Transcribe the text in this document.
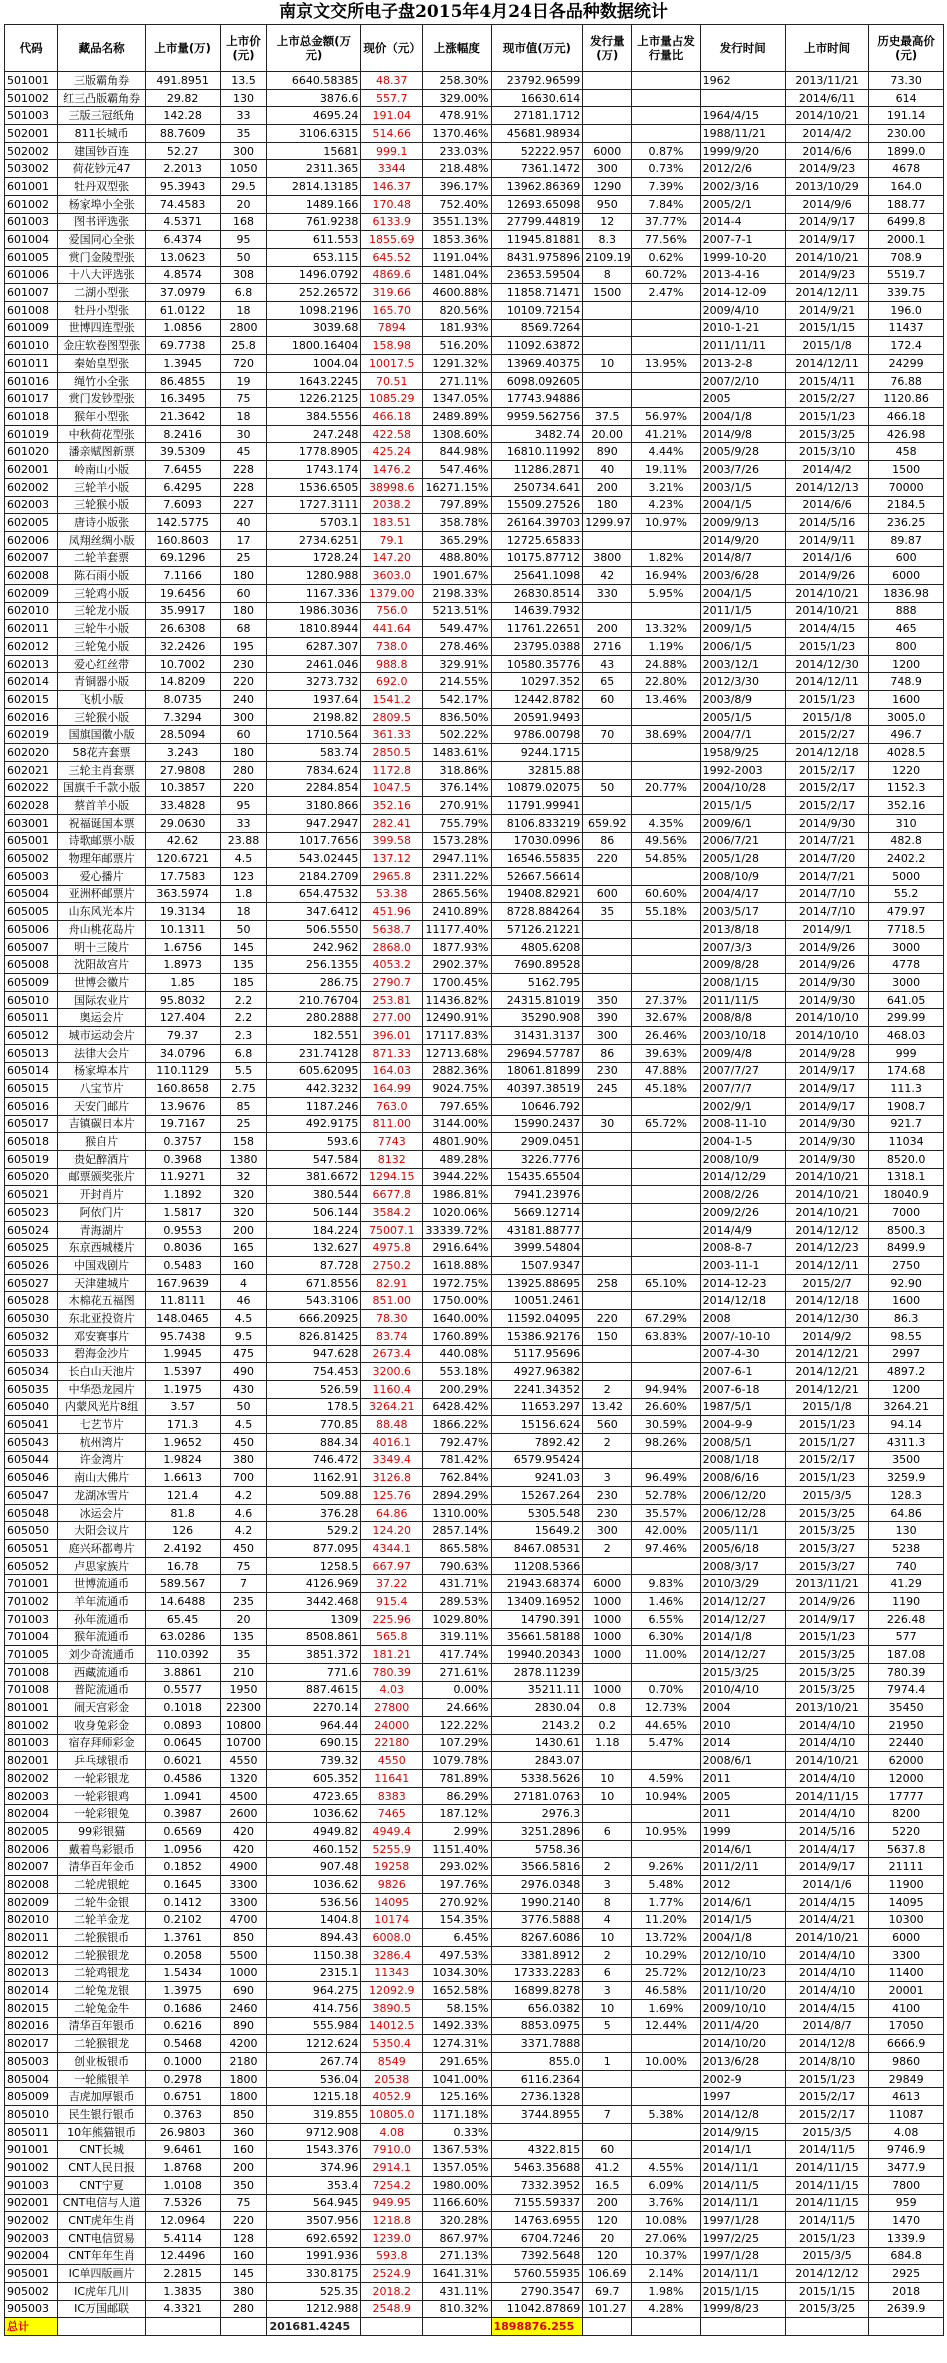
南京文交所电子盘2015年4月24日各品种数据统计
代码	藏品名称	上市量(万)	上市价(元)	上市总金额(万元)	现价（元）	上涨幅度	现市值(万元)	发行量(万)	上市量占发行量比	发行时间	上市时间	历史最高价(元)
501001	三版霸角券	491.8951	13.5	6640.58385	48.37	258.30%	23792.96599			1962	2013/11/21	73.30
501002	红三凸版霸角券	29.82	130	3876.6	557.7	329.00%	16630.614				2014/6/11	614
501003	三版三冠纸角	142.28	33	4695.24	191.04	478.91%	27181.1712			1964/4/15	2014/10/21	191.14
502001	811长城币	88.7609	35	3106.6315	514.66	1370.46%	45681.98934			1988/11/21	2014/4/2	230.00
502002	建国钞百连	52.27	300	15681	999.1	233.03%	52222.957	6000	0.87%	1999/9/20	2014/6/6	1899.0
503002	荷花钞元47	2.2013	1050	2311.365	3344	218.48%	7361.1472	300	0.73%	2012/2/6	2014/9/23	4678
601001	牡丹双型张	95.3943	29.5	2814.13185	146.37	396.17%	13962.86369	1290	7.39%	2002/3/16	2013/10/29	164.0
601002	杨家埠小全张	74.4583	20	1489.166	170.48	752.40%	12693.65098	950	7.84%	2005/2/1	2014/9/6	188.77
601003	图书评选张	4.5371	168	761.9238	6133.9	3551.13%	27799.44819	12	37.77%	2014-4	2014/9/17	6499.8
601004	爱国同心全张	6.4374	95	611.553	1855.69	1853.36%	11945.81881	8.3	77.56%	2007-7-1	2014/9/17	2000.1
601005	赏门金陵型张	13.0623	50	653.115	645.52	1191.04%	8431.975896	2109.19	0.62%	1999-10-20	2014/10/21	708.9
601006	十八大评选张	4.8574	308	1496.0792	4869.6	1481.04%	23653.59504	8	60.72%	2013-4-16	2014/9/23	5519.7
601007	二湖小型张	37.0979	6.8	252.26572	319.66	4600.88%	11858.71471	1500	2.47%	2014-12-09	2014/12/11	339.75
601008	牡丹小型张	61.0122	18	1098.2196	165.70	820.56%	10109.72154			2009/4/10	2014/9/21	196.0
601009	世博四连型张	1.0856	2800	3039.68	7894	181.93%	8569.7264			2010-1-21	2015/1/15	11437
601010	金庄软卷图型张	69.7738	25.8	1800.16404	158.98	516.20%	11092.63872			2011/11/11	2015/1/8	172.4
601011	秦始皇型张	1.3945	720	1004.04	10017.5	1291.32%	13969.40375	10	13.95%	2013-2-8	2014/12/11	24299
601016	绳竹小全张	86.4855	19	1643.2245	70.51	271.11%	6098.092605			2007/2/10	2015/4/11	76.88
601017	赏门发钞型张	16.3495	75	1226.2125	1085.29	1347.05%	17743.94886			2005	2015/2/27	1120.86
601018	猴年小型张	21.3642	18	384.5556	466.18	2489.89%	9959.562756	37.5	56.97%	2004/1/8	2015/1/23	466.18
601019	中秋荷花型张	8.2416	30	247.248	422.58	1308.60%	3482.74	20.00	41.21%	2014/9/8	2015/3/25	426.98
601020	潘亲赋图新票	39.5309	45	1778.8905	425.24	844.98%	16810.11992	890	4.44%	2005/9/28	2015/3/10	458
602001	岭南山小版	7.6455	228	1743.174	1476.2	547.46%	11286.2871	40	19.11%	2003/7/26	2014/4/2	1500
602002	三轮羊小版	6.4295	228	1536.6505	38998.6	16271.15%	250734.641	200	3.21%	2003/1/5	2014/12/13	70000
602003	三轮猴小版	7.6093	227	1727.3111	2038.2	797.89%	15509.27526	180	4.23%	2004/1/5	2014/6/6	2184.5
602005	唐诗小版张	142.5775	40	5703.1	183.51	358.78%	26164.39703	1299.97	10.97%	2009/9/13	2014/5/16	236.25
602006	凤翔丝绸小版	160.8603	17	2734.6251	79.1	365.29%	12725.65833			2014/9/20	2014/9/11	89.87
602007	二轮羊套票	69.1296	25	1728.24	147.20	488.80%	10175.87712	3800	1.82%	2014/8/7	2014/1/6	600
602008	陈石雨小版	7.1166	180	1280.988	3603.0	1901.67%	25641.1098	42	16.94%	2003/6/28	2014/9/26	6000
602009	三轮鸡小版	19.6456	60	1167.336	1379.00	2198.33%	26830.8514	330	5.95%	2004/1/5	2014/10/21	1836.98
602010	三轮龙小版	35.9917	180	1986.3036	756.0	5213.51%	14639.7932			2011/1/5	2014/10/21	888
602011	三轮牛小版	26.6308	68	1810.8944	441.64	549.47%	11761.22651	200	13.32%	2009/1/5	2014/4/15	465
602012	三轮兔小版	32.2426	195	6287.307	738.0	278.46%	23795.0388	2716	1.19%	2006/1/5	2015/1/23	800
602013	爱心红丝带	10.7002	230	2461.046	988.8	329.91%	10580.35776	43	24.88%	2003/12/1	2014/12/30	1200
602014	青铜器小版	14.8209	220	3273.732	692.0	214.55%	10297.352	65	22.80%	2012/3/30	2014/12/11	748.9
602015	飞机小版	8.0735	240	1937.64	1541.2	542.17%	12442.8782	60	13.46%	2003/8/9	2015/1/23	1600
602016	三轮猴小版	7.3294	300	2198.82	2809.5	836.50%	20591.9493			2005/1/5	2015/1/8	3005.0
602019	国旗国徽小版	28.5094	60	1710.564	361.33	502.22%	9786.00798	70	38.69%	2004/7/1	2015/2/27	496.7
602020	58花卉套票	3.243	180	583.74	2850.5	1483.61%	9244.1715			1958/9/25	2014/12/18	4028.5
602021	三轮主肖套票	27.9808	280	7834.624	1172.8	318.86%	32815.88			1992-2003	2015/2/17	1220
602022	国旗千千款小版	10.3857	220	2284.854	1047.5	376.14%	10879.02075	50	20.77%	2004/10/28	2015/2/17	1152.3
602028	蔡首羊小版	33.4828	95	3180.866	352.16	270.91%	11791.99941			2015/1/5	2015/2/17	352.16
603001	祝福诞国本票	29.0630	33	947.2947	282.41	755.79%	8106.833219	659.92	4.35%	2009/6/1	2014/9/30	310
605001	诗歌邮票小版	42.62	23.88	1017.7656	399.58	1573.28%	17030.0996	86	49.56%	2006/7/21	2014/7/21	482.8
605002	物理年邮票片	120.6721	4.5	543.02445	137.12	2947.11%	16546.55835	220	54.85%	2005/1/28	2014/7/20	2402.2
605003	爱心播片	17.7583	123	2184.2709	2965.8	2311.22%	52667.56614			2008/10/9	2014/7/21	5000
605004	亚洲杯邮票片	363.5974	1.8	654.47532	53.38	2865.56%	19408.82921	600	60.60%	2004/4/17	2014/7/10	55.2
605005	山东风光本片	19.3134	18	347.6412	451.96	2410.89%	8728.884264	35	55.18%	2003/5/17	2014/7/10	479.97
605006	舟山桃花岛片	10.1311	50	506.5550	5638.7	11177.40%	57126.21221			2013/8/18	2014/9/1	7718.5
605007	明十三陵片	1.6756	145	242.962	2868.0	1877.93%	4805.6208			2007/3/3	2014/9/26	3000
605008	沈阳故宫片	1.8973	135	256.1355	4053.2	2902.37%	7690.89528			2009/8/28	2014/9/26	4778
605009	世博会徽片	1.85	185	286.75	2790.7	1700.45%	5162.795			2008/1/15	2014/9/30	3000
605010	国际农业片	95.8032	2.2	210.76704	253.81	11436.82%	24315.81019	350	27.37%	2011/11/5	2014/9/30	641.05
605011	奥运会片	127.404	2.2	280.2888	277.00	12490.91%	35290.908	390	32.67%	2008/8/8	2014/10/10	299.99
605012	城市运动会片	79.37	2.3	182.551	396.01	17117.83%	31431.3137	300	26.46%	2003/10/18	2014/10/10	468.03
605013	法律大会片	34.0796	6.8	231.74128	871.33	12713.68%	29694.57787	86	39.63%	2009/4/8	2014/9/28	999
605014	杨家埠本片	110.1129	5.5	605.62095	164.03	2882.36%	18061.81899	230	47.88%	2007/7/27	2014/9/17	174.68
605015	八宝节片	160.8658	2.75	442.3232	164.99	9024.75%	40397.38519	245	45.18%	2007/7/7	2014/9/17	111.3
605016	天安门邮片	13.9676	85	1187.246	763.0	797.65%	10646.792			2002/9/1	2014/9/17	1908.7
605017	吉镇碳日本片	19.7167	25	492.9175	811.00	3144.00%	15990.2437	30	65.72%	2008-11-10	2014/9/30	921.7
605018	猴自片	0.3757	158	593.6	7743	4801.90%	2909.0451			2004-1-5	2014/9/30	11034
605019	贵妃醉酒片	0.3968	1380	547.584	8132	489.28%	3226.7776			2008/10/9	2014/9/30	8520.0
605020	邮票颁奖张片	11.9271	32	381.6672	1294.15	3944.22%	15435.65504			2014/12/29	2014/10/21	1318.1
605021	开封肖片	1.1892	320	380.544	6677.8	1986.81%	7941.23976			2008/2/26	2014/10/21	18040.9
605023	阿依门片	1.5817	320	506.144	3584.2	1020.06%	5669.12714			2009/2/26	2014/10/21	7000
605024	青海湖片	0.9553	200	184.224	75007.1	33339.72%	43181.88777			2014/4/9	2014/12/12	8500.3
605025	东京西城楼片	0.8036	165	132.627	4975.8	2916.64%	3999.54804			2008-8-7	2014/12/23	8499.9
605026	中国戏剧片	0.5483	160	87.728	2750.2	1618.88%	1507.9347			2003-11-1	2014/12/11	2750
605027	天津建城片	167.9639	4	671.8556	82.91	1972.75%	13925.88695	258	65.10%	2014-12-23	2015/2/7	92.90
605028	木棉花五福图	11.8111	46	543.3106	851.00	1750.00%	10051.2461			2014/12/18	2014/12/18	1600
605030	东北亚投资片	148.0465	4.5	666.20925	78.30	1640.00%	11592.04095	220	67.29%	2008	2014/12/30	86.3
605032	邓安赛事片	95.7438	9.5	826.81425	83.74	1760.89%	15386.92176	150	63.83%	2007/-10-10	2014/9/2	98.55
605033	碧海金沙片	1.9945	475	947.628	2673.4	440.08%	5117.95696			2007-4-30	2014/12/21	2997
605034	长白山天池片	1.5397	490	754.453	3200.6	553.18%	4927.96382			2007-6-1	2014/12/21	4897.2
605035	中华恐龙园片	1.1975	430	526.59	1160.4	200.29%	2241.34352	2	94.94%	2007-6-18	2014/12/21	1200
605040	内蒙风光片8组	3.57	50	178.5	3264.21	6428.42%	11653.297	13.42	26.60%	1987/5/1	2015/1/8	3264.21
605041	七艺节片	171.3	4.5	770.85	88.48	1866.22%	15156.624	560	30.59%	2004-9-9	2015/1/23	94.14
605043	杭州湾片	1.9652	450	884.34	4016.1	792.47%	7892.42	2	98.26%	2008/5/1	2015/1/27	4311.3
605044	许金湾片	1.9824	380	746.472	3349.4	781.42%	6579.95424			2008/1/18	2015/2/17	3500
605046	南山大佛片	1.6613	700	1162.91	3126.8	762.84%	9241.03	3	96.49%	2008/6/16	2015/1/23	3259.9
605047	龙湖冰雪片	121.4	4.2	509.88	125.76	2894.29%	15267.264	230	52.78%	2006/12/20	2015/3/5	128.3
605048	冰运会片	81.8	4.6	376.28	64.86	1310.00%	5305.548	230	35.57%	2006/12/28	2015/3/25	64.86
605050	大阳会议片	126	4.2	529.2	124.20	2857.14%	15649.2	300	42.00%	2005/11/1	2015/3/25	130
605051	庭兴环都粤片	2.4192	450	877.095	4344.1	865.58%	8467.08531	2	97.46%	2005/6/18	2015/3/27	5238
605052	卢思家族片	16.78	75	1258.5	667.97	790.63%	11208.5366			2008/3/17	2015/3/27	740
701001	世博流通币	589.567	7	4126.969	37.22	431.71%	21943.68374	6000	9.83%	2010/3/29	2013/11/21	41.29
701002	羊年流通币	14.6488	235	3442.468	915.4	289.53%	13409.16952	1000	1.46%	2014/12/27	2014/9/26	1190
701003	孙年流通币	65.45	20	1309	225.96	1029.80%	14790.391	1000	6.55%	2014/12/27	2014/9/17	226.48
701004	猴年流通币	63.0286	135	8508.861	565.8	319.11%	35661.58188	1000	6.30%	2014/1/8	2015/1/23	577
701005	刘少奇流通币	110.0392	35	3851.372	181.21	417.74%	19940.20343	1000	11.00%	2014/12/27	2015/3/25	187.08
701008	西藏流通币	3.8861	210	771.6	780.39	271.61%	2878.11239			2015/3/25	2015/3/25	780.39
701008	普陀流通币	0.5577	1950	887.4615	4.03	0.00%	35211.11	1000	0.70%	2010/4/10	2015/3/25	7974.4
801001	闹天宫彩金	0.1018	22300	2270.14	27800	24.66%	2830.04	0.8	12.73%	2004	2013/10/21	35450
801002	收身兔彩金	0.0893	10800	964.44	24000	122.22%	2143.2	0.2	44.65%	2010	2014/4/10	21950
801003	宿存拜师彩金	0.0645	10700	690.15	22180	107.29%	1430.61	1.18	5.47%	2014	2014/4/10	22440
802001	乒乓球银币	0.6021	4550	739.32	4550	1079.78%	2843.07			2008/6/1	2014/10/21	62000
802002	一轮彩银龙	0.4586	1320	605.352	11641	781.89%	5338.5626	10	4.59%	2011	2014/4/10	12000
802003	一轮彩银鸡	1.0941	4500	4723.65	8383	86.29%	27181.0763	10	10.94%	2005	2014/11/15	17777
802004	一轮彩银兔	0.3987	2600	1036.62	7465	187.12%	2976.3			2011	2014/4/10	8200
802005	99彩银猫	0.6569	420	4949.82	4949.4	2.99%	3251.2896	6	10.95%	1999	2014/5/16	5220
802006	戴着鸟彩银币	1.0956	420	460.152	5255.9	1151.40%	5758.36			2014/6/1	2014/4/17	5637.8
802007	清华百年金币	0.1852	4900	907.48	19258	293.02%	3566.5816	2	9.26%	2011/2/11	2014/9/17	21111
802008	二轮虎银蛇	0.1645	3300	1036.62	9826	197.76%	2976.0348	3	5.48%	2012	2014/1/6	11900
802009	二轮牛金银	0.1412	3300	536.56	14095	270.92%	1990.2140	8	1.77%	2014/6/1	2014/4/15	14095
802010	二轮羊金龙	0.2102	4700	1404.8	10174	154.35%	3776.5888	4	11.20%	2014/1/5	2014/4/21	10300
802011	二轮猴银币	1.3761	850	894.43	6008.0	6.45%	8267.6086	10	13.72%	2004/1/8	2014/10/21	6000
802012	二轮猴银龙	0.2058	5500	1150.38	3286.4	497.53%	3381.8912	2	10.29%	2012/10/10	2014/4/10	3300
802013	二轮鸡银龙	1.5434	1000	2315.1	11343	1034.30%	17333.2283	6	25.72%	2012/10/23	2014/4/10	11400
802014	二轮兔龙银	1.3975	690	964.275	12092.9	1652.58%	16899.8278	3	46.58%	2011/10/20	2014/4/10	20001
802015	二轮兔金牛	0.1686	2460	414.756	3890.5	58.15%	656.0382	10	1.69%	2009/10/10	2014/4/15	4100
802016	清华百年银币	0.6216	890	555.984	14012.5	1492.33%	8853.0975	5	12.44%	2011/4/20	2014/8/7	17050
802017	二轮猴银龙	0.5468	4200	1212.624	5350.4	1274.31%	3371.7888			2014/10/20	2014/12/8	6666.9
805003	创业板银币	0.1000	2180	267.74	8549	291.65%	855.0	1	10.00%	2013/6/28	2014/8/10	9860
805004	一轮熊银羊	0.2978	1800	536.04	20538	1041.00%	6116.2364			2002-9	2015/1/23	29849
805009	吉虎加厚银币	0.6751	1800	1215.18	4052.9	125.16%	2736.1328			1997	2015/2/17	4613
805010	民生银行银币	0.3763	850	319.855	10805.0	1171.18%	3744.8955	7	5.38%	2014/12/8	2015/2/17	11087
805011	10年熊猫银币	26.9803	360	9712.908	4.08	0.33%				2014/9/15	2015/3/5	4.08
901001	CNT长城	9.6461	160	1543.376	7910.0	1367.53%	4322.815	60		2014/1/1	2014/11/5	9746.9
901002	CNT人民日报	1.8768	200	374.96	2914.1	1357.05%	5463.35688	41.2	4.55%	2014/11/1	2014/11/15	3477.9
901003	CNT宁夏	1.0108	350	353.4	7254.2	1980.00%	7332.3952	16.5	6.09%	2014/11/5	2014/11/15	7800
902001	CNT电信与人道	7.5326	75	564.945	949.95	1166.60%	7155.59337	200	3.76%	2014/11/1	2014/11/15	959
902002	CNT虎年生肖	12.0964	220	3507.956	1218.8	320.28%	14763.6955	120	10.08%	1997/1/28	2014/11/5	1470
902003	CNT电信贸易	5.4114	128	692.6592	1239.0	867.97%	6704.7246	20	27.06%	1997/2/25	2015/1/23	1339.9
902004	CNT年年生肖	12.4496	160	1991.936	593.8	271.13%	7392.5648	120	10.37%	1997/1/28	2015/3/5	684.8
905001	IC单四版画片	2.2815	145	330.8175	2524.9	1641.31%	5760.55935	106.69	2.14%	2014/11/1	2014/12/12	2925
905002	IC虎年几川	1.3835	380	525.35	2018.2	431.11%	2790.3547	69.7	1.98%	2015/1/15	2015/1/15	2018
905003	IC万国邮联	4.3321	280	1212.988	2548.9	810.32%	11042.87869	101.27	4.28%	1999/8/23	2015/3/25	2639.9
总计				201681.4245			1898876.255					
